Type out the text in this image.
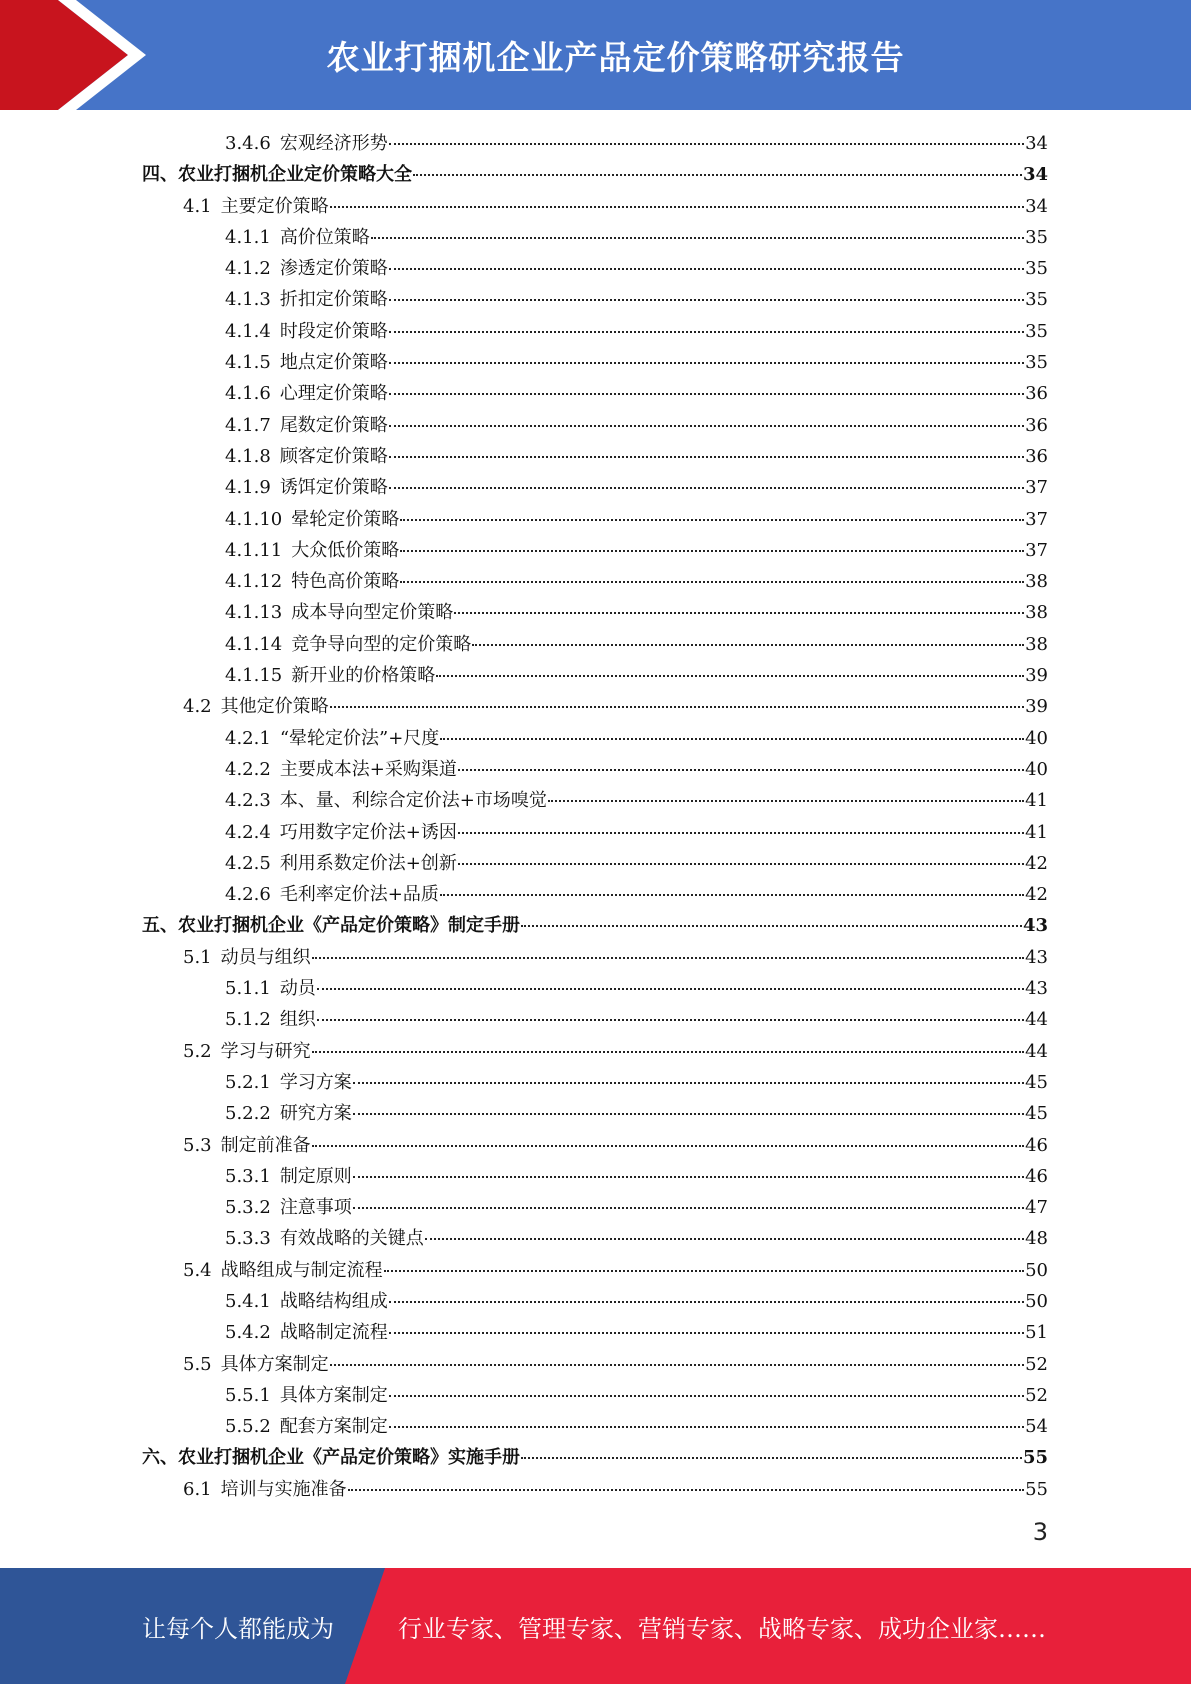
农业打捆机企业产品定价策略研究报告
3.4.6 宏观经济形势	34
四、农业打捆机企业定价策略大全	34
4.1 主要定价策略	34
4.1.1 高价位策略	35
4.1.2 渗透定价策略	35
4.1.3 折扣定价策略	35
4.1.4 时段定价策略	35
4.1.5 地点定价策略	35
4.1.6 心理定价策略	36
4.1.7 尾数定价策略	36
4.1.8 顾客定价策略	36
4.1.9 诱饵定价策略	37
4.1.10 晕轮定价策略	37
4.1.11 大众低价策略	37
4.1.12 特色高价策略	38
4.1.13 成本导向型定价策略	38
4.1.14 竞争导向型的定价策略	38
4.1.15 新开业的价格策略	39
4.2 其他定价策略	39
4.2.1 “晕轮定价法”+尺度	40
4.2.2 主要成本法+采购渠道	40
4.2.3 本、量、利综合定价法+市场嗅觉	41
4.2.4 巧用数字定价法+诱因	41
4.2.5 利用系数定价法+创新	42
4.2.6 毛利率定价法+品质	42
五、农业打捆机企业《产品定价策略》制定手册	43
5.1 动员与组织	43
5.1.1 动员	43
5.1.2 组织	44
5.2 学习与研究	44
5.2.1 学习方案	45
5.2.2 研究方案	45
5.3 制定前准备	46
5.3.1 制定原则	46
5.3.2 注意事项	47
5.3.3 有效战略的关键点	48
5.4 战略组成与制定流程	50
5.4.1 战略结构组成	50
5.4.2 战略制定流程	51
5.5 具体方案制定	52
5.5.1 具体方案制定	52
5.5.2 配套方案制定	54
六、农业打捆机企业《产品定价策略》实施手册	55
6.1 培训与实施准备	55
3
让每个人都能成为	行业专家、管理专家、营销专家、战略专家、成功企业家……
